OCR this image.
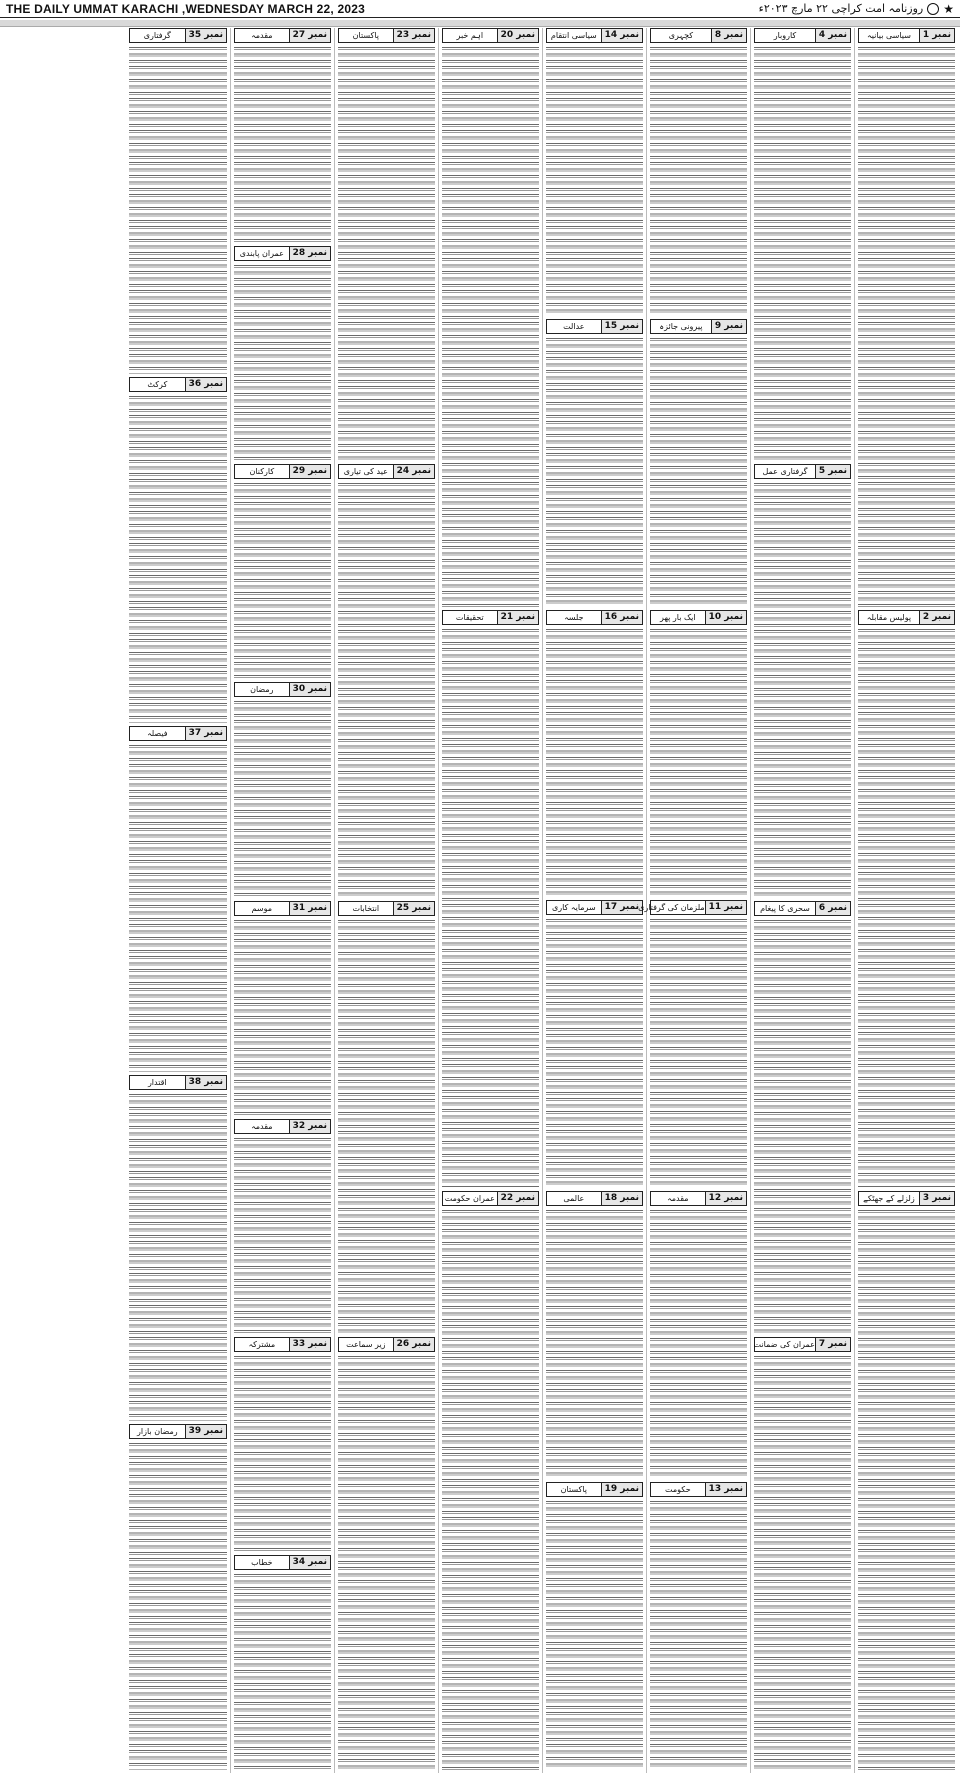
THE DAILY UMMAT KARACHI ,WEDNESDAY MARCH 22, 2023	★
روزنامہ امت کراچی ۲۲ مارچ ۲۰۲۳ء
نمبر 1
سیاسی بیانیہ
نمبر 2
پولیس مقابلہ
نمبر 3
زلزلے کے جھٹکے
نمبر 4
کاروبار
نمبر 5
گرفتاری عمل
نمبر 6
سحری کا پیغام
نمبر 7
عمران کی ضمانت
نمبر 8
کچہری
نمبر 9
پیرونی جائزہ
نمبر 10
ایک بار پھر
نمبر 11
ملزمان کی گرفتاری
نمبر 12
مقدمہ
نمبر 13
حکومت
نمبر 14
سیاسی انتقام
نمبر 15
عدالت
نمبر 16
جلسہ
نمبر 17
سرمایہ کاری
نمبر 18
عالمی
نمبر 19
پاکستان
نمبر 20
اہم خبر
نمبر 21
تحقیقات
نمبر 22
عمران حکومت
نمبر 23
پاکستان
نمبر 24
عید کی تیاری
نمبر 25
انتخابات
نمبر 26
زیر سماعت
نمبر 27
مقدمہ
نمبر 28
عمران پابندی
نمبر 29
کارکنان
نمبر 30
رمضان
نمبر 31
موسم
نمبر 32
مقدمہ
نمبر 33
مشترکہ
نمبر 34
خطاب
نمبر 35
گرفتاری
نمبر 36
کرکٹ
نمبر 37
فیصلہ
نمبر 38
اقتدار
نمبر 39
رمضان بازار
